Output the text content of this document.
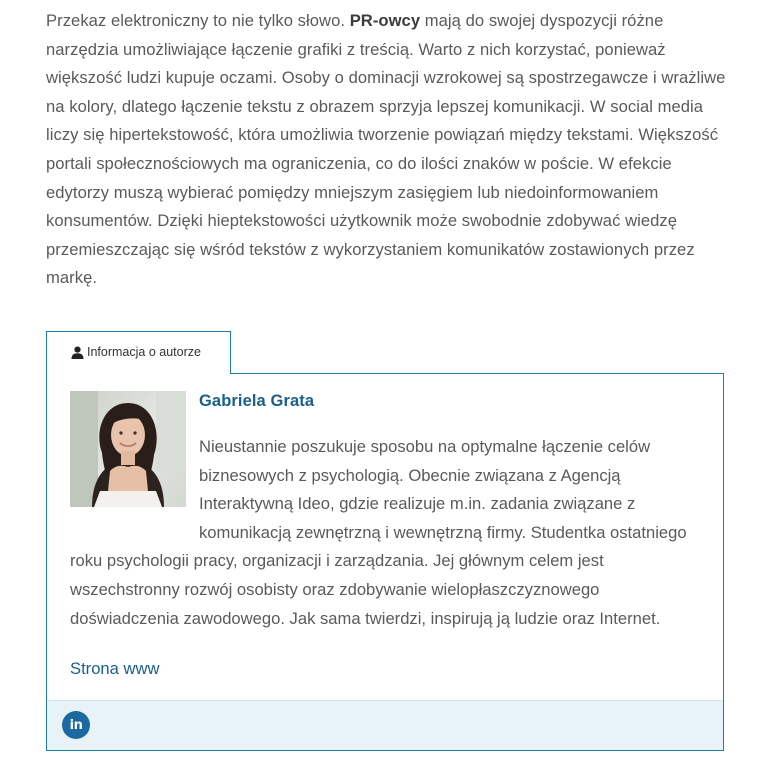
Przekaz elektroniczny to nie tylko słowo. PR-owcy mają do swojej dyspozycji różne narzędzia umożliwiające łączenie grafiki z treścią. Warto z nich korzystać, ponieważ większość ludzi kupuje oczami. Osoby o dominacji wzrokowej są spostrzegawcze i wrażliwe na kolory, dlatego łączenie tekstu z obrazem sprzyja lepszej komunikacji. W social media liczy się hipertekstowość, która umożliwia tworzenie powiązań między tekstami. Większość portali społecznościowych ma ograniczenia, co do ilości znaków w poście. W efekcie edytorzy muszą wybierać pomiędzy mniejszym zasięgiem lub niedoinformowaniem konsumentów. Dzięki hieptekstowości użytkownik może swobodnie zdobywać wiedzę przemieszczając się wśród tekstów z wykorzystaniem komunikatów zostawionych przez markę.
Informacja o autorze
Gabriela Grata
Nieustannie poszukuje sposobu na optymalne łączenie celów biznesowych z psychologią. Obecnie związana z Agencją Interaktywną Ideo, gdzie realizuje m.in. zadania związane z komunikacją zewnętrzną i wewnętrzną firmy. Studentka ostatniego roku psychologii pracy, organizacji i zarządzania. Jej głównym celem jest wszechstronny rozwój osobisty oraz zdobywanie wielopłaszczyznowego doświadczenia zawodowego. Jak sama twierdzi, inspirują ją ludzie oraz Internet.
Strona www
in
